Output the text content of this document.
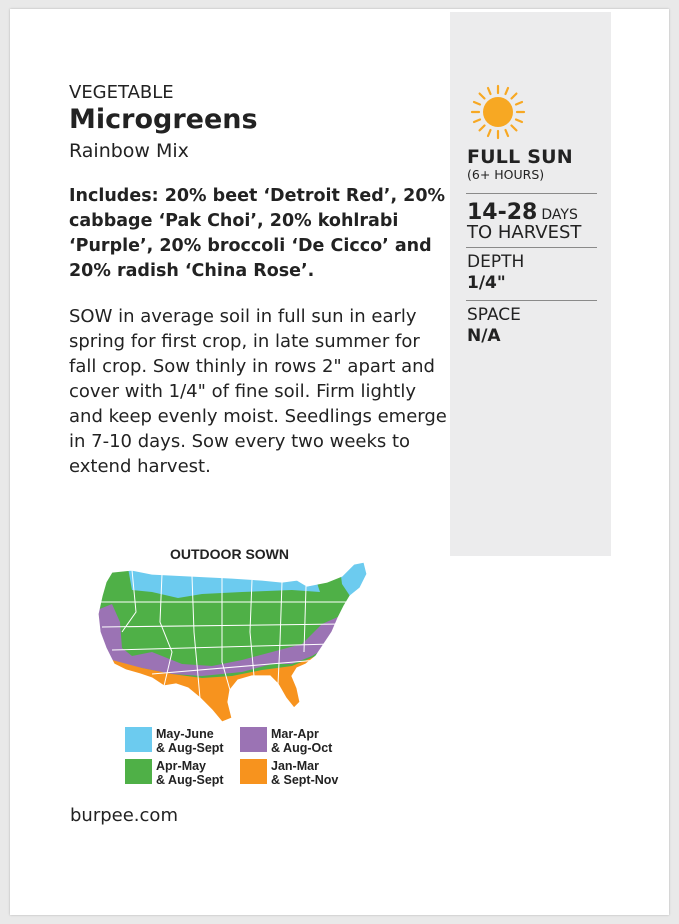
FULL SUN
(6+ HOURS)
14-28 DAYS
TO HARVEST
DEPTH
1/4"
SPACE
N/A
VEGETABLE
Microgreens
Rainbow Mix
Includes: 20% beet ‘Detroit Red’, 20% cabbage ‘Pak Choi’, 20% kohlrabi ‘Purple’, 20% broccoli ‘De Cicco’ and 20% radish ‘China Rose’.
SOW in average soil in full sun in early spring for first crop, in late summer for fall crop. Sow thinly in rows 2" apart and cover with 1/4" of fine soil. Firm lightly and keep evenly moist. Seedlings emerge in 7-10 days. Sow every two weeks to extend harvest.
OUTDOOR SOWN
May-June
& Aug-Sept
Mar-Apr
& Aug-Oct
Apr-May
& Aug-Sept
Jan-Mar
& Sept-Nov
burpee.com
